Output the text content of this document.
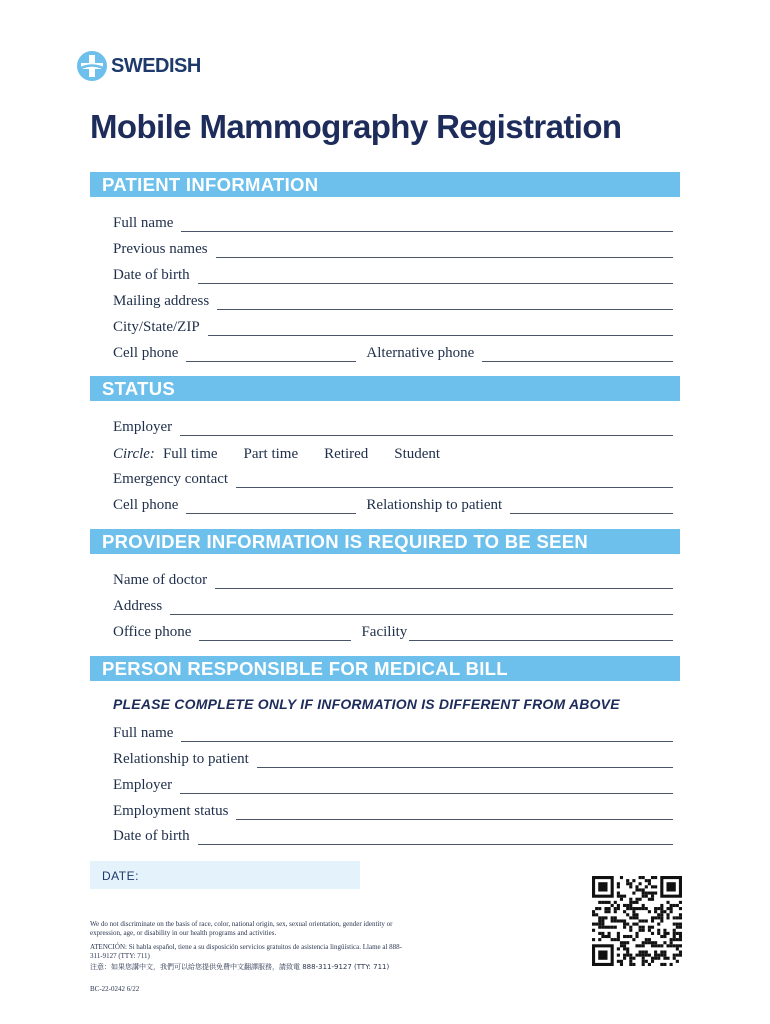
SWEDISH
Mobile Mammography Registration
PATIENT INFORMATION
Full name
Previous names
Date of birth
Mailing address
City/State/ZIP
Cell phone	Alternative phone
STATUS
Employer
Circle: Full time Part time Retired Student
Emergency contact
Cell phone	Relationship to patient
PROVIDER INFORMATION IS REQUIRED TO BE SEEN
Name of doctor
Address
Office phone	Facility
PERSON RESPONSIBLE FOR MEDICAL BILL
PLEASE COMPLETE ONLY IF INFORMATION IS DIFFERENT FROM ABOVE
Full name
Relationship to patient
Employer
Employment status
Date of birth
DATE:
We do not discriminate on the basis of race, color, national origin, sex, sexual orientation, gender identity or expression, age, or disability in our health programs and activities.
ATENCIÓN: Si habla español, tiene a su disposición servicios gratuitos de asistencia lingüística. Llame al 888-311-9127 (TTY: 711)
注意：如果您講中文，我們可以給您提供免費中文翻譯服務，請致電 888-311-9127 (TTY: 711)
BC-22-0242 6/22
